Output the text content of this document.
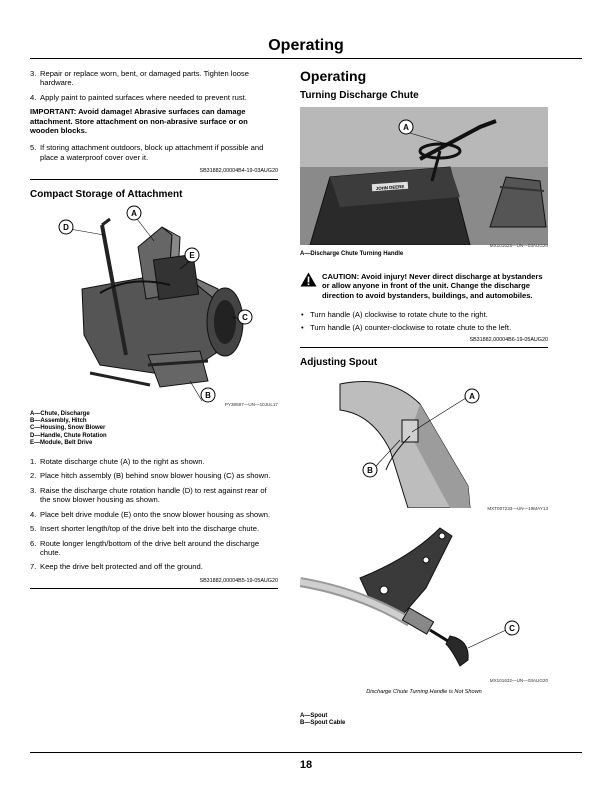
Operating
3. Repair or replace worn, bent, or damaged parts. Tighten loose hardware.
4. Apply paint to painted surfaces where needed to prevent rust.
IMPORTANT: Avoid damage! Abrasive surfaces can damage attachment. Store attachment on non-abrasive surface or on wooden blocks.
5. If storing attachment outdoors, block up attachment if possible and place a waterproof cover over it.
SB31882,00004B4-19-03AUG20
Compact Storage of Attachment
A
B
C
D
E
PY38587—UN—10JUL17
A—Chute, Discharge
B—Assembly, Hitch
C—Housing, Snow Blower
D—Handle, Chute Rotation
E—Module, Belt Drive
1. Rotate discharge chute (A) to the right as shown.
2. Place hitch assembly (B) behind snow blower housing (C) as shown.
3. Raise the discharge chute rotation handle (D) to rest against rear of the snow blower housing as shown.
4. Place belt drive module (E) onto the snow blower housing as shown.
5. Insert shorter length/top of the drive belt into the discharge chute.
6. Route longer length/bottom of the drive belt around the discharge chute.
7. Keep the drive belt protected and off the ground.
SB31882,00004B5-19-05AUG20
Operating
Turning Discharge Chute
JOHN DEERE
A
MX101625—UN—03AUG20
A—Discharge Chute Turning Handle
CAUTION: Avoid injury! Never direct discharge at bystanders or allow anyone in front of the unit. Change the discharge direction to avoid bystanders, buildings, and automobiles.
• Turn handle (A) clockwise to rotate chute to the right.
• Turn handle (A) counter-clockwise to rotate chute to the left.
SB31882,00004B6-19-05AUG20
Adjusting Spout
A
B
MXT007233—UN—19MAY13
C
MX101632—UN—03AUG20
Discharge Chute Turning Handle is Not Shown
A—Spout
B—Spout Cable
18
